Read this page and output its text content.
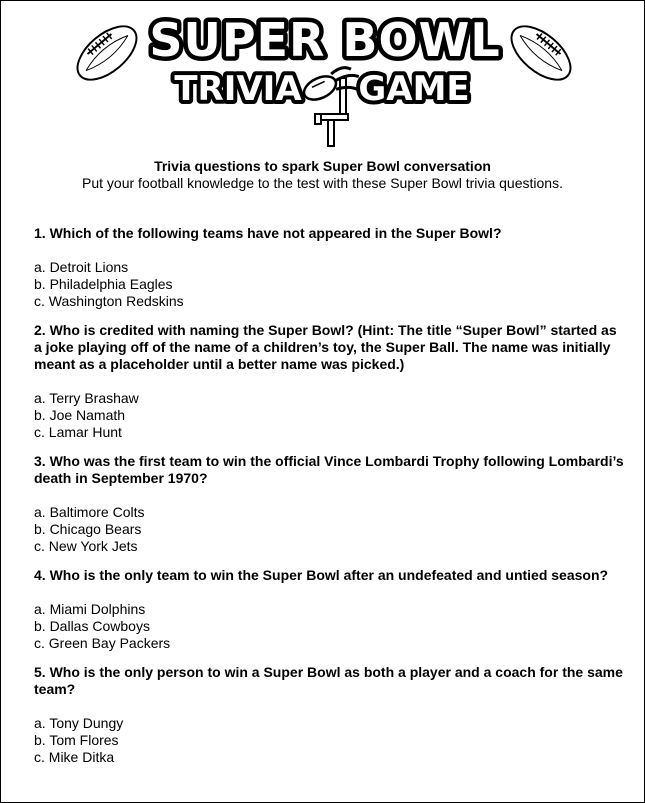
SUPER BOWL
TRIVIA GAME
Trivia questions to spark Super Bowl conversation
Put your football knowledge to the test with these Super Bowl trivia questions.

1. Which of the following teams have not appeared in the Super Bowl?

a. Detroit Lions

b. Philadelphia Eagles

c. Washington Redskins

2. Who is credited with naming the Super Bowl? (Hint: The title “Super Bowl” started as a joke playing off of the name of a children’s toy, the Super Ball. The name was initially meant as a placeholder until a better name was picked.)

a. Terry Brashaw

b. Joe Namath

c. Lamar Hunt

3. Who was the first team to win the official Vince Lombardi Trophy following Lombardi’s death in September 1970?

a. Baltimore Colts

b. Chicago Bears

c. New York Jets

4. Who is the only team to win the Super Bowl after an undefeated and untied season?

a. Miami Dolphins

b. Dallas Cowboys

c. Green Bay Packers

5. Who is the only person to win a Super Bowl as both a player and a coach for the same team?

a. Tony Dungy

b. Tom Flores

c. Mike Ditka
